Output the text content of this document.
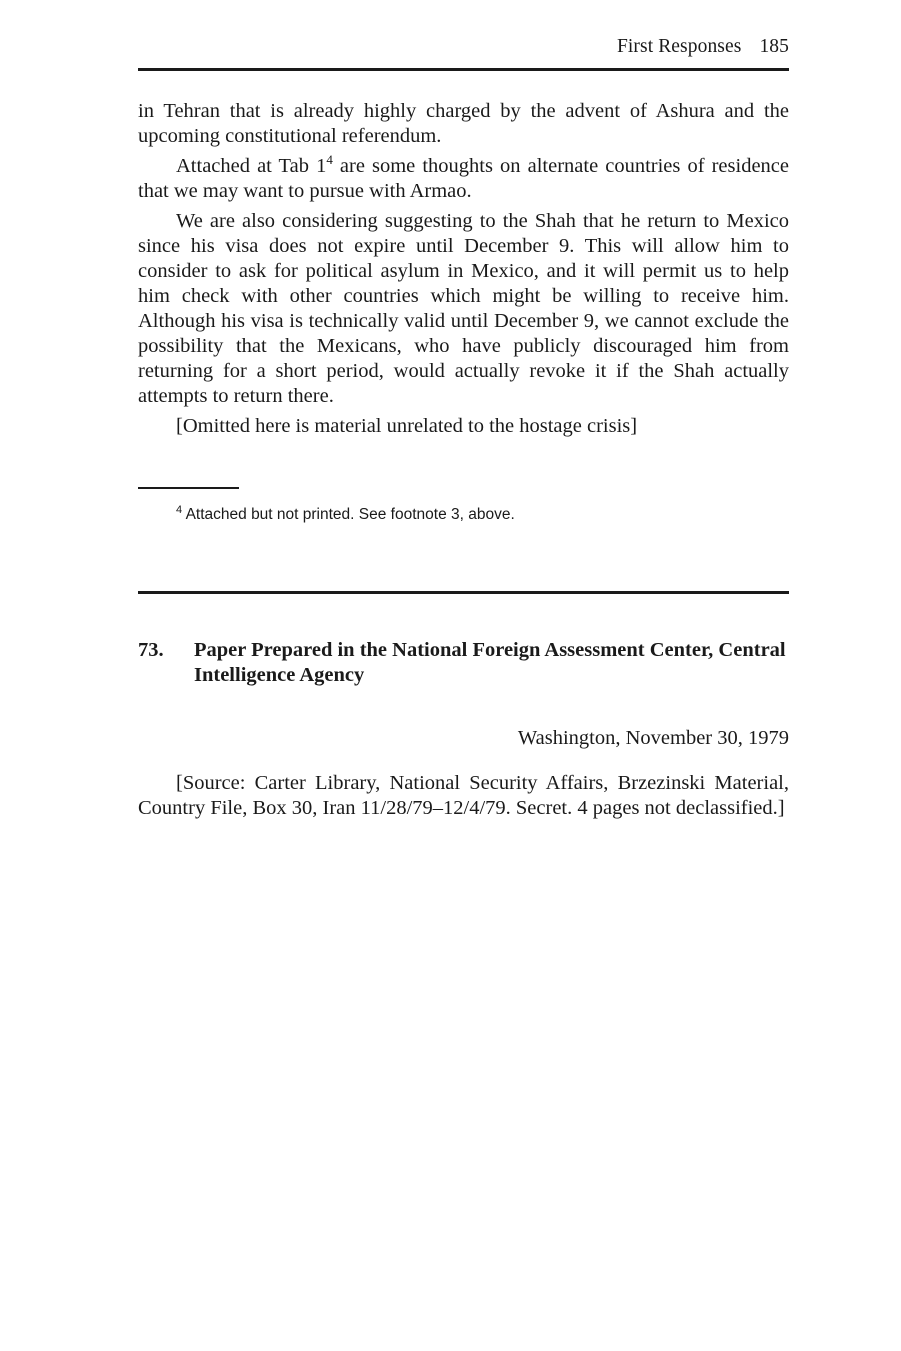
First Responses 185

in Tehran that is already highly charged by the advent of Ashura and the upcoming constitutional referendum.

Attached at Tab $1^4$ are some thoughts on alternate countries of residence that we may want to pursue with Armao.

We are also considering suggesting to the Shah that he return to Mexico since his visa does not expire until December 9. This will allow him to consider to ask for political asylum in Mexico, and it will permit us to help him check with other countries which might be willing to receive him. Although his visa is technically valid until December 9, we cannot exclude the possibility that the Mexicans, who have publicly discouraged him from returning for a short period, would actually revoke it if the Shah actually attempts to return there.

[Omitted here is material unrelated to the hostage crisis]

$^4$ Attached but not printed. See footnote 3, above.
73. Paper Prepared in the National Foreign Assessment Center, Central Intelligence Agency
Washington, November 30, 1979

[Source: Carter Library, National Security Affairs, Brzezinski Material, Country File, Box 30, Iran 11/28/79–12/4/79. Secret. 4 pages not declassified.]
